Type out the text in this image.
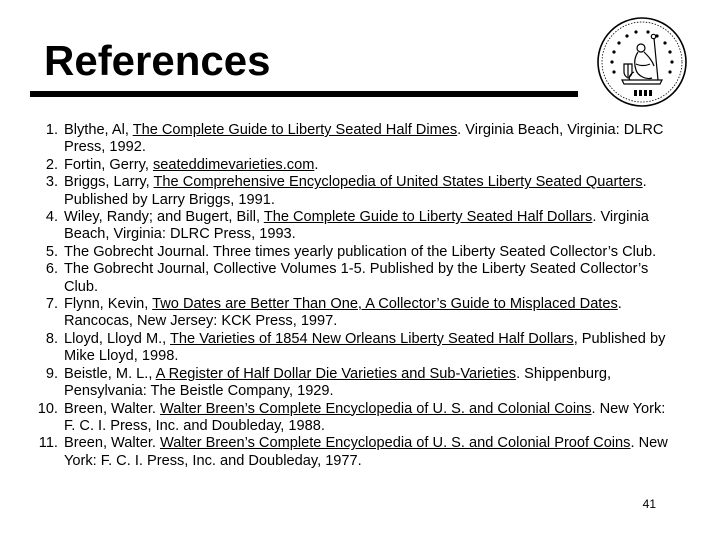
References
1. Blythe, Al, The Complete Guide to Liberty Seated Half Dimes. Virginia Beach, Virginia: DLRC Press, 1992.
2. Fortin, Gerry, seateddimevarieties.com.
3. Briggs, Larry, The Comprehensive Encyclopedia of United States Liberty Seated Quarters. Published by Larry Briggs, 1991.
4. Wiley, Randy; and Bugert, Bill, The Complete Guide to Liberty Seated Half Dollars. Virginia Beach, Virginia: DLRC Press, 1993.
5. The Gobrecht Journal. Three times yearly publication of the Liberty Seated Collector’s Club.
6. The Gobrecht Journal, Collective Volumes 1-5. Published by the Liberty Seated Collector’s Club.
7. Flynn, Kevin, Two Dates are Better Than One, A Collector’s Guide to Misplaced Dates. Rancocas, New Jersey: KCK Press, 1997.
8. Lloyd, Lloyd M., The Varieties of 1854 New Orleans Liberty Seated Half Dollars, Published by Mike Lloyd, 1998.
9. Beistle, M. L., A Register of Half Dollar Die Varieties and Sub-Varieties. Shippenburg, Pensylvania: The Beistle Company, 1929.
10. Breen, Walter. Walter Breen’s Complete Encyclopedia of U. S. and Colonial Coins. New York: F. C. I. Press, Inc. and Doubleday, 1988.
11. Breen, Walter. Walter Breen’s Complete Encyclopedia of U. S. and Colonial Proof Coins. New York: F. C. I. Press, Inc. and Doubleday, 1977.
41
